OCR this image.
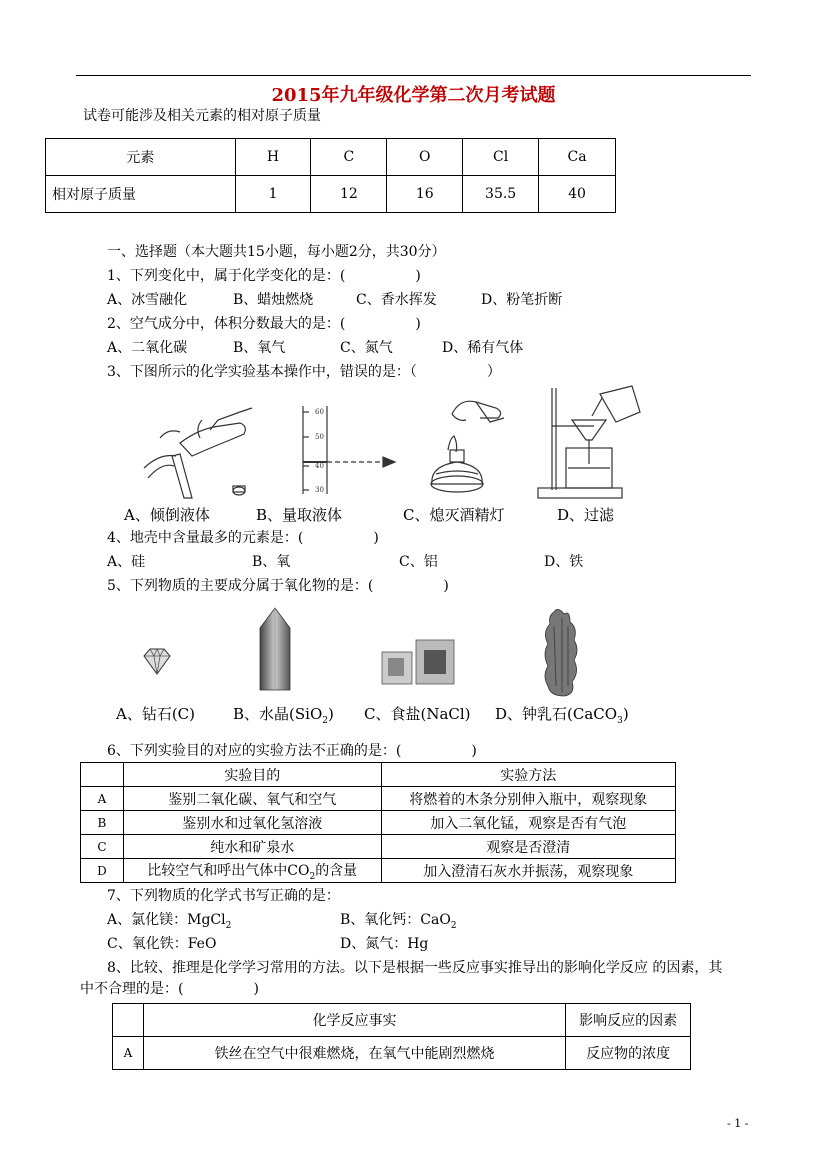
2015年九年级化学第二次月考试题
试卷可能涉及相关元素的相对原子质量
元素	H	C	O	Cl	Ca
相对原子质量	1	12	16	35.5	40
一、选择题（本大题共15小题，每小题2分，共30分）
1、下列变化中，属于化学变化的是：(　　　　　)
A、冰雪融化	B、蜡烛燃烧	C、香水挥发	D、粉笔折断
2、空气成分中，体积分数最大的是：(　　　　　)
A、二氧化碳	B、氧气	C、氮气	D、稀有气体
3、下图所示的化学实验基本操作中，错误的是：（　　　　　）
60
50
40
30
A、倾倒液体	B、量取液体	C、熄灭酒精灯	D、过滤
4、地壳中含量最多的元素是：(　　　　　)
A、硅	B、氧	C、铝	D、铁
5、下列物质的主要成分属于氧化物的是：(　　　　　)
A、钻石(C)	B、水晶(SiO$_2$) C、食盐(NaCl) D、钟乳石(CaCO$_3$)
6、下列实验目的对应的实验方法不正确的是：(　　　　　)
	实验目的	实验方法
A	鉴别二氧化碳、氧气和空气	将燃着的木条分别伸入瓶中，观察现象
B	鉴别水和过氧化氢溶液	加入二氧化锰，观察是否有气泡
C	纯水和矿泉水	观察是否澄清
D	比较空气和呼出气体中$CO_2$的含量	加入澄清石灰水并振荡，观察现象
7、下列物质的化学式书写正确的是：
A、氯化镁：MgCl$_2$	B、氧化钙：CaO$_2$
C、氧化铁：FeO	D、氮气：Hg
8、比较、推理是化学学习常用的方法。以下是根据一些反应事实推导出的影响化学反应 的因素，其
中不合理的是：(　　　　　)
	化学反应事实	影响反应的因素
A	铁丝在空气中很难燃烧，在氧气中能剧烈燃烧	反应物的浓度
- 1 -
